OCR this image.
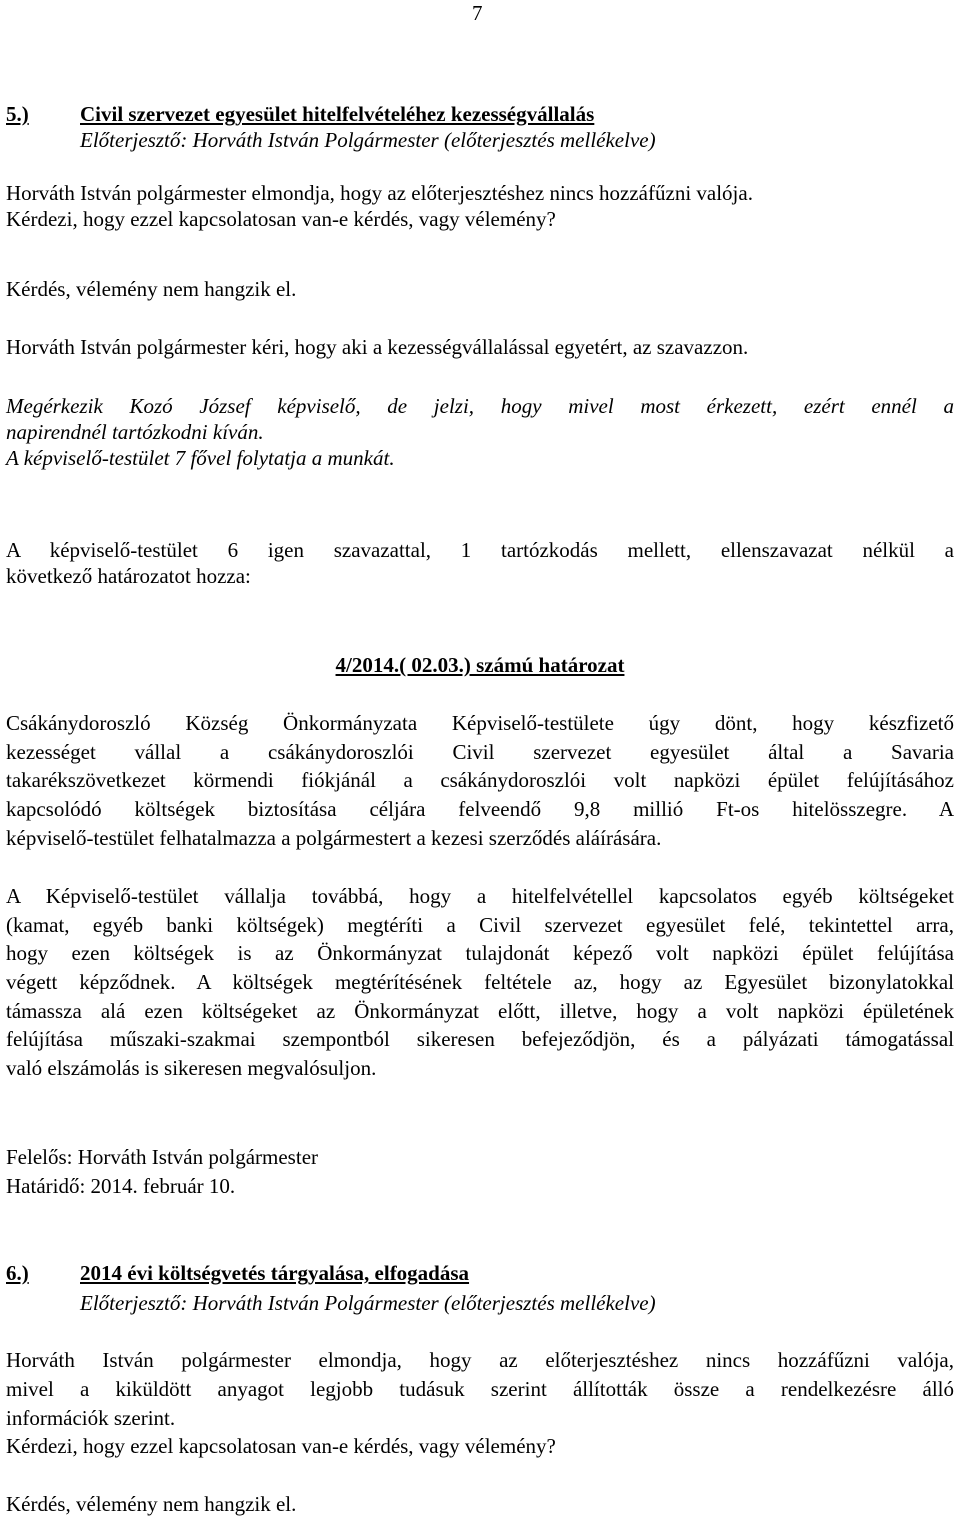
7
5.) Civil szervezet egyesület hitelfelvételéhez kezességvállalás
Előterjesztő: Horváth István Polgármester (előterjesztés mellékelve)
Horváth István polgármester elmondja, hogy az előterjesztéshez nincs hozzáfűzni valója.
Kérdezi, hogy ezzel kapcsolatosan van-e kérdés, vagy vélemény?
Kérdés, vélemény nem hangzik el.
Horváth István polgármester kéri, hogy aki a kezességvállalással egyetért, az szavazzon.
Megérkezik Kozó József képviselő, de jelzi, hogy mivel most érkezett, ezért ennél a
napirendnél tartózkodni kíván.
A képviselő-testület 7 fővel folytatja a munkát.
A képviselő-testület 6 igen szavazattal, 1 tartózkodás mellett, ellenszavazat nélkül a
következő határozatot hozza:
4/2014.( 02.03.) számú határozat
Csákánydoroszló Község Önkormányzata Képviselő-testülete úgy dönt, hogy készfizető
kezességet vállal a csákánydoroszlói Civil szervezet egyesület által a Savaria
takarékszövetkezet körmendi fiókjánál a csákánydoroszlói volt napközi épület felújításához
kapcsolódó költségek biztosítása céljára felveendő 9,8 millió Ft-os hitelösszegre. A
képviselő-testület felhatalmazza a polgármestert a kezesi szerződés aláírására.
A Képviselő-testület vállalja továbbá, hogy a hitelfelvétellel kapcsolatos egyéb költségeket
(kamat, egyéb banki költségek) megtéríti a Civil szervezet egyesület felé, tekintettel arra,
hogy ezen költségek is az Önkormányzat tulajdonát képező volt napközi épület felújítása
végett képződnek. A költségek megtérítésének feltétele az, hogy az Egyesület bizonylatokkal
támassza alá ezen költségeket az Önkormányzat előtt, illetve, hogy a volt napközi épületének
felújítása műszaki-szakmai szempontból sikeresen befejeződjön, és a pályázati támogatással
való elszámolás is sikeresen megvalósuljon.
Felelős: Horváth István polgármester
Határidő: 2014. február 10.
6.) 2014 évi költségvetés tárgyalása, elfogadása
Előterjesztő: Horváth István Polgármester (előterjesztés mellékelve)
Horváth István polgármester elmondja, hogy az előterjesztéshez nincs hozzáfűzni valója,
mivel a kiküldött anyagot legjobb tudásuk szerint állították össze a rendelkezésre álló
információk szerint.
Kérdezi, hogy ezzel kapcsolatosan van-e kérdés, vagy vélemény?
Kérdés, vélemény nem hangzik el.
